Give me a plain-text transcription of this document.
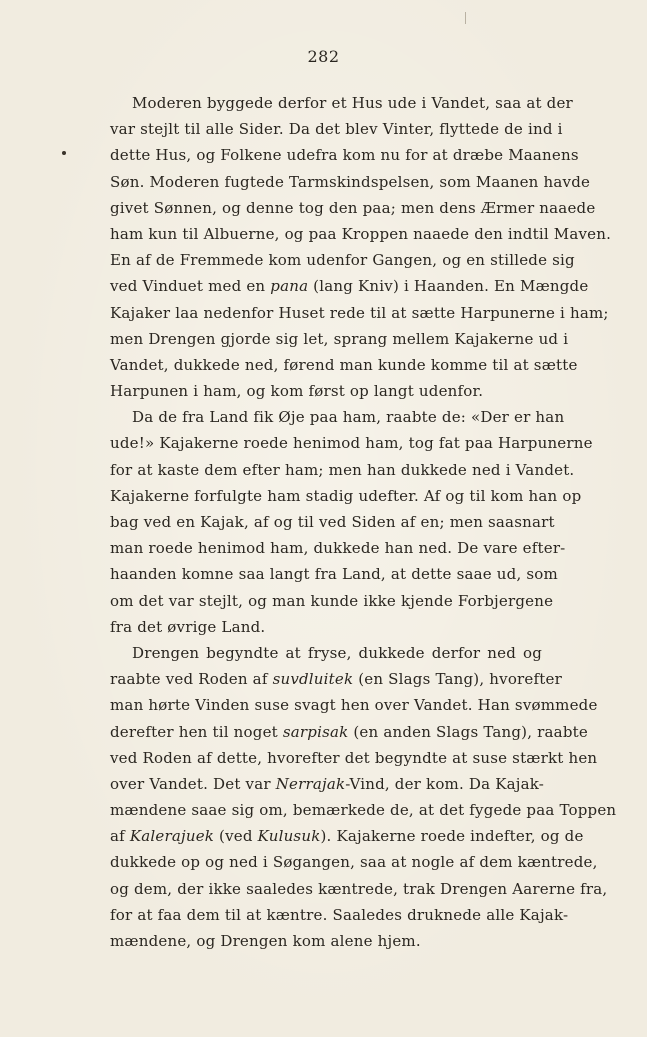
282
Moderen byggede derfor et Hus ude i Vandet, saa at der
var stejlt til alle Sider. Da det blev Vinter, flyttede de ind i
dette Hus, og Folkene udefra kom nu for at dræbe Maanens
Søn. Moderen fugtede Tarmskindspelsen, som Maanen havde
givet Sønnen, og denne tog den paa; men dens Ærmer naaede
ham kun til Albuerne, og paa Kroppen naaede den indtil Maven.
En af de Fremmede kom udenfor Gangen, og en stillede sig
ved Vinduet med en pana (lang Kniv) i Haanden. En Mængde
Kajaker laa nedenfor Huset rede til at sætte Harpunerne i ham;
men Drengen gjorde sig let, sprang mellem Kajakerne ud i
Vandet, dukkede ned, førend man kunde komme til at sætte
Harpunen i ham, og kom først op langt udenfor.
Da de fra Land fik Øje paa ham, raabte de: «Der er han
ude!» Kajakerne roede henimod ham, tog fat paa Harpunerne
for at kaste dem efter ham; men han dukkede ned i Vandet.
Kajakerne forfulgte ham stadig udefter. Af og til kom han op
bag ved en Kajak, af og til ved Siden af en; men saasnart
man roede henimod ham, dukkede han ned. De vare efter-
haanden komne saa langt fra Land, at dette saae ud, som
om det var stejlt, og man kunde ikke kjende Forbjergene
fra det øvrige Land.
Drengen begyndte at fryse, dukkede derfor ned og
raabte ved Roden af suvdluitek (en Slags Tang), hvorefter
man hørte Vinden suse svagt hen over Vandet. Han svømmede
derefter hen til noget sarpisak (en anden Slags Tang), raabte
ved Roden af dette, hvorefter det begyndte at suse stærkt hen
over Vandet. Det var Nerrajak-Vind, der kom. Da Kajak-
mændene saae sig om, bemærkede de, at det fygede paa Toppen
af Kalerajuek (ved Kulusuk). Kajakerne roede indefter, og de
dukkede op og ned i Søgangen, saa at nogle af dem kæntrede,
og dem, der ikke saaledes kæntrede, trak Drengen Aarerne fra,
for at faa dem til at kæntre. Saaledes druknede alle Kajak-
mændene, og Drengen kom alene hjem.
